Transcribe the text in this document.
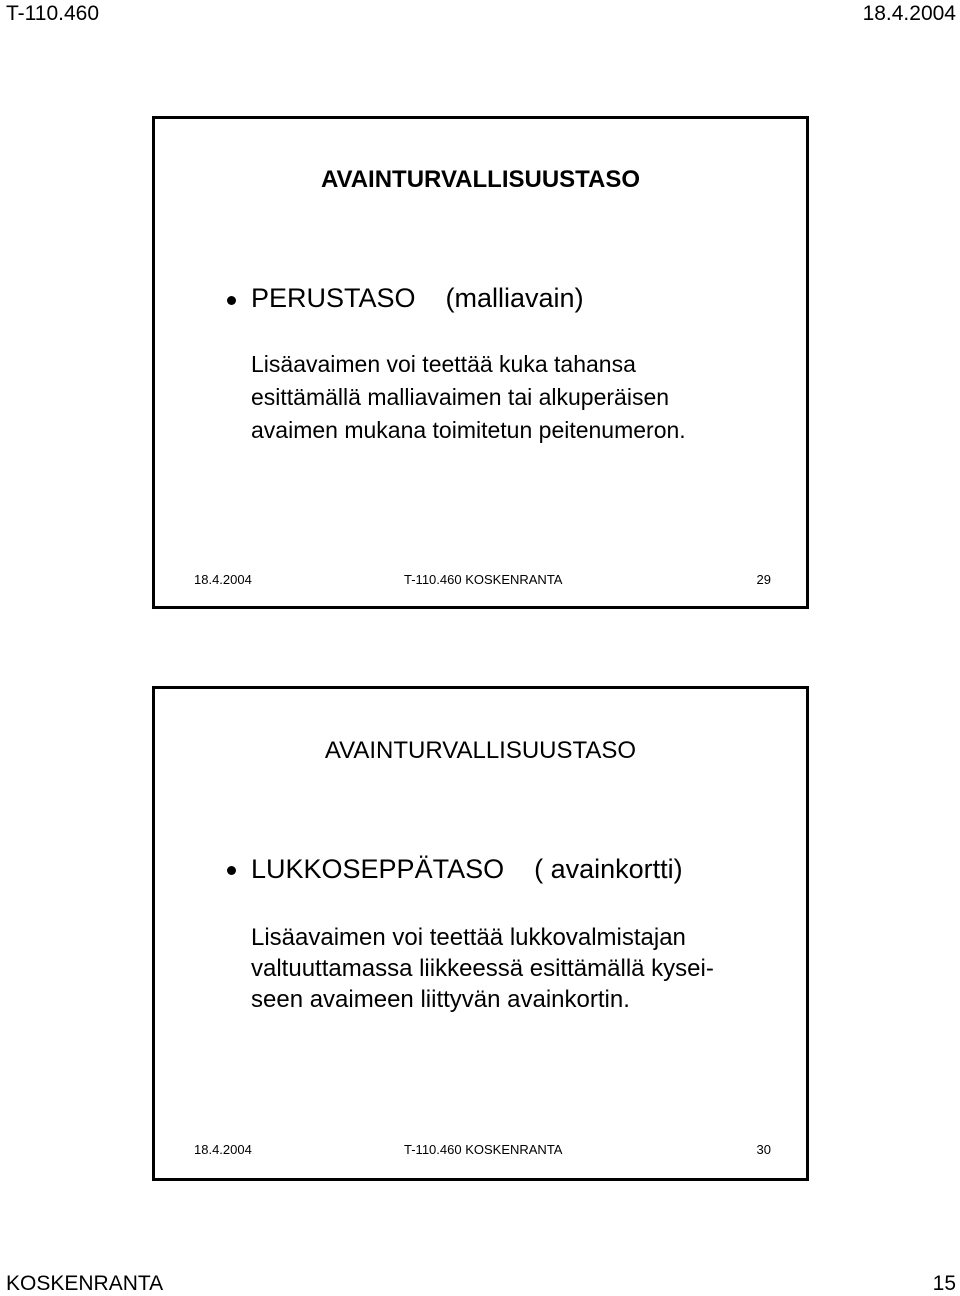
T-110.460	18.4.2004
AVAINTURVALLISUUSTASO
PERUSTASO (malliavain)
Lisäavaimen voi teettää kuka tahansa
esittämällä malliavaimen tai alkuperäisen
avaimen mukana toimitetun peitenumeron.
18.4.2004	T-110.460 KOSKENRANTA	29
AVAINTURVALLISUUSTASO
LUKKOSEPPÄTASO ( avainkortti)
Lisäavaimen voi teettää lukkovalmistajan
valtuuttamassa liikkeessä esittämällä kysei-
seen avaimeen liittyvän avainkortin.
18.4.2004	T-110.460 KOSKENRANTA	30
KOSKENRANTA	15
